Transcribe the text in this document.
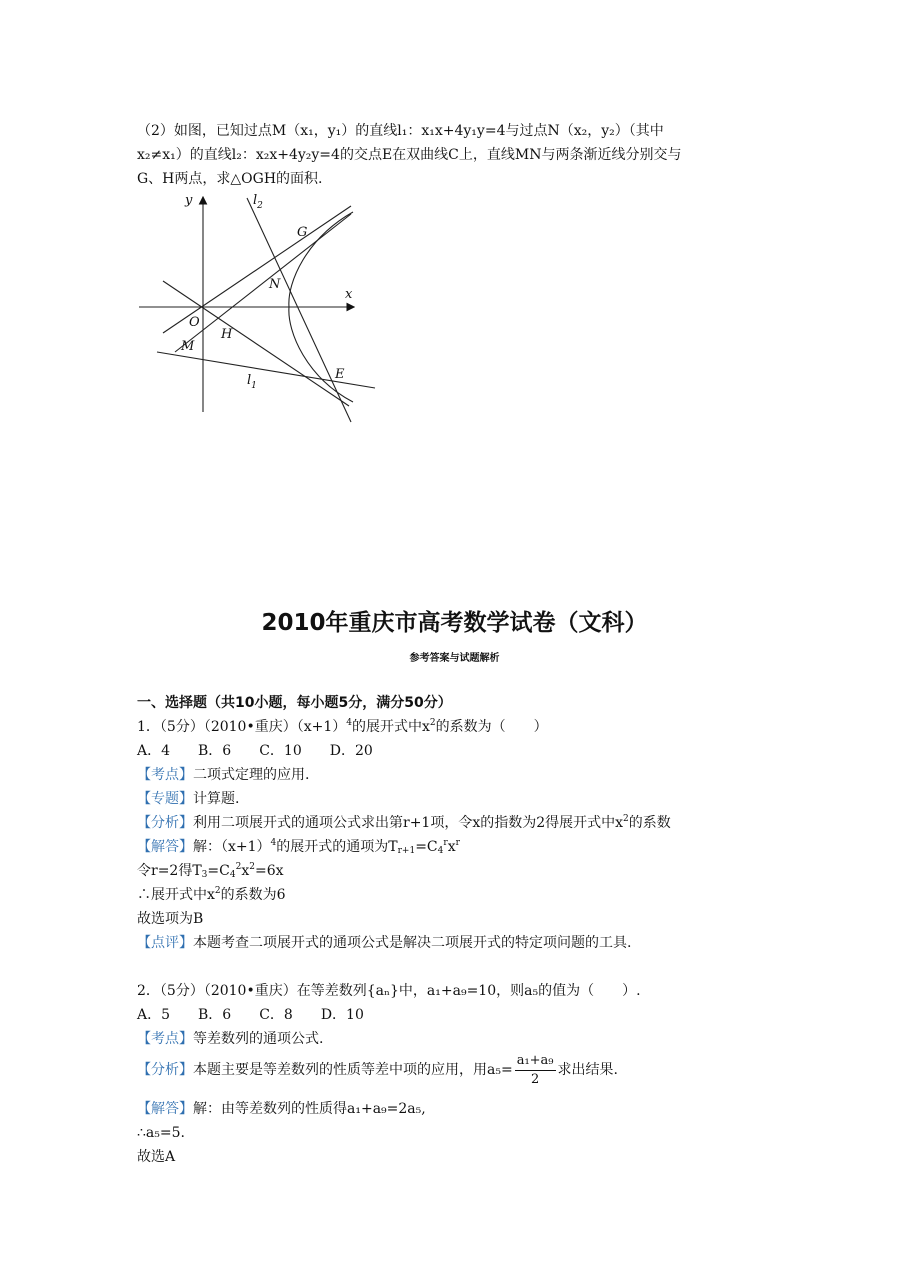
（2）如图，已知过点M（x₁，y₁）的直线l₁：x₁x+4y₁y=4与过点N（x₂，y₂）（其中
x₂≠x₁）的直线l₂：x₂x+4y₂y=4的交点E在双曲线C上，直线MN与两条渐近线分别交与
G、H两点，求△OGH的面积.
y
x
O
$l_2$
G
N
H
M
$l_1$
E
2010年重庆市高考数学试卷（文科）
参考答案与试题解析
一、选择题（共10小题，每小题5分，满分50分）
1．（5分）（2010•重庆）$(x+1)^4$的展开式中$x^2$的系数为（　　）
A．4　　B．6　　C．10　　D．20
【考点】二项式定理的应用.
【专题】计算题.
【分析】利用二项展开式的通项公式求出第r+1项，令x的指数为2得展开式中$x^2$的系数
【解答】解：$(x+1)^4$的展开式的通项为$T_{r+1}=C_4^rx^r$
令r=2得$T_3=C_4^2x^2=6x$
∴展开式中$x^2$的系数为6
故选项为B
【点评】本题考查二项展开式的通项公式是解决二项展开式的特定项问题的工具.
2．（5分）（2010•重庆）在等差数列{aₙ}中，a₁+a₉=10，则a₅的值为（　　）.
A．5　　B．6　　C．8　　D．10
【考点】等差数列的通项公式.
【分析】本题主要是等差数列的性质等差中项的应用，用$a_5= \frac{\text{a₁+a₉}}{2}$ 求出结果.
【解答】解：由等差数列的性质得a₁+a₉=2a₅,
∴a₅=5.
故选A
